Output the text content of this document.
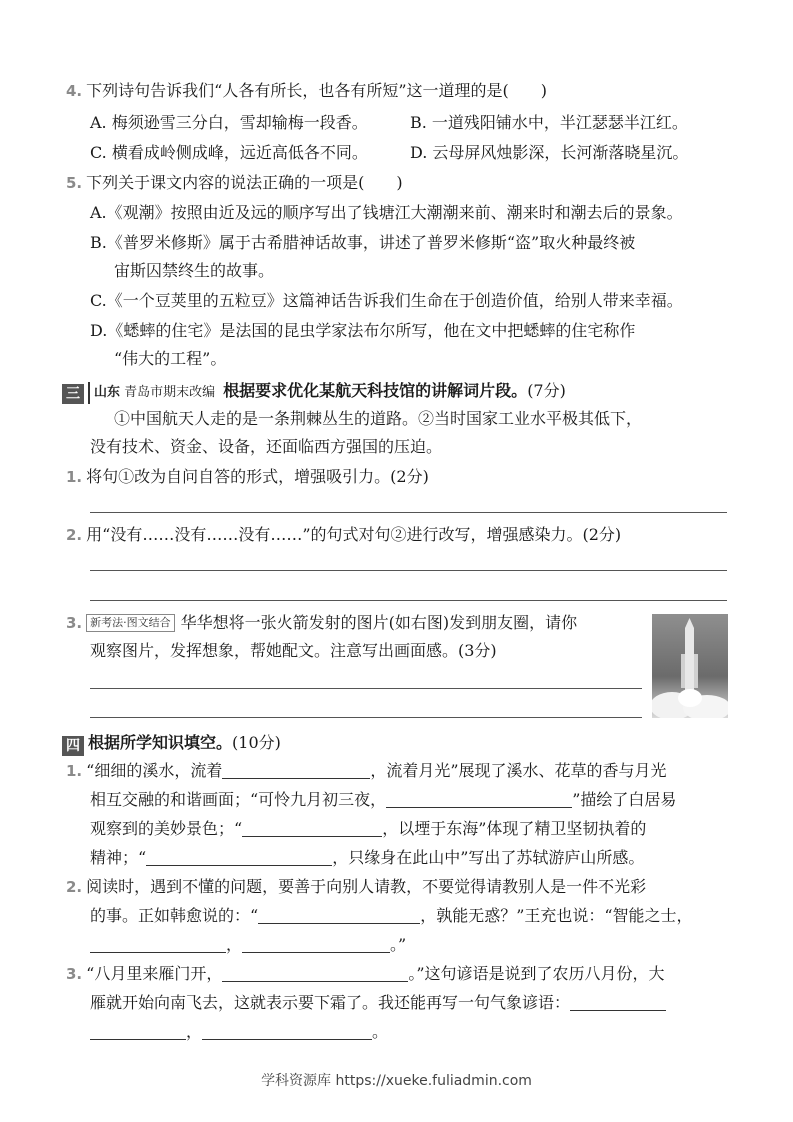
4. 下列诗句告诉我们“人各有所长，也各有所短”这一道理的是(　　)
A. 梅须逊雪三分白，雪却输梅一段香。	B. 一道残阳铺水中，半江瑟瑟半江红。
C. 横看成岭侧成峰，远近高低各不同。	D. 云母屏风烛影深，长河渐落晓星沉。
5. 下列关于课文内容的说法正确的一项是(　　)
A.《观潮》按照由近及远的顺序写出了钱塘江大潮潮来前、潮来时和潮去后的景象。
B.《普罗米修斯》属于古希腊神话故事，讲述了普罗米修斯“盗”取火种最终被
宙斯囚禁终生的故事。
C.《一个豆荚里的五粒豆》这篇神话告诉我们生命在于创造价值，给别人带来幸福。
D.《蟋蟀的住宅》是法国的昆虫学家法布尔所写，他在文中把蟋蟀的住宅称作
“伟大的工程”。
三 山东 青岛市期末改编 根据要求优化某航天科技馆的讲解词片段。(7分)
①中国航天人走的是一条荆棘丛生的道路。②当时国家工业水平极其低下，
没有技术、资金、设备，还面临西方强国的压迫。
1. 将句①改为自问自答的形式，增强吸引力。(2分)
2. 用“没有……没有……没有……”的句式对句②进行改写，增强感染力。(2分)
3. 新考法·图文结合 华华想将一张火箭发射的图片(如右图)发到朋友圈，请你
观察图片，发挥想象，帮她配文。注意写出画面感。(3分)
四 根据所学知识填空。(10分)
1. “细细的溪水，流着	，流着月光”展现了溪水、花草的香与月光
相互交融的和谐画面；“可怜九月初三夜，	”描绘了白居易
观察到的美妙景色；“	，以堙于东海”体现了精卫坚韧执着的
精神；“	，只缘身在此山中”写出了苏轼游庐山所感。
2. 阅读时，遇到不懂的问题，要善于向别人请教，不要觉得请教别人是一件不光彩
的事。正如韩愈说的：“	，孰能无惑？”王充也说：“智能之士，
，	。”
3. “八月里来雁门开，	。”这句谚语是说到了农历八月份，大
雁就开始向南飞去，这就表示要下霜了。我还能再写一句气象谚语：
，	。
学科资源库 https://xueke.fuliadmin.com
